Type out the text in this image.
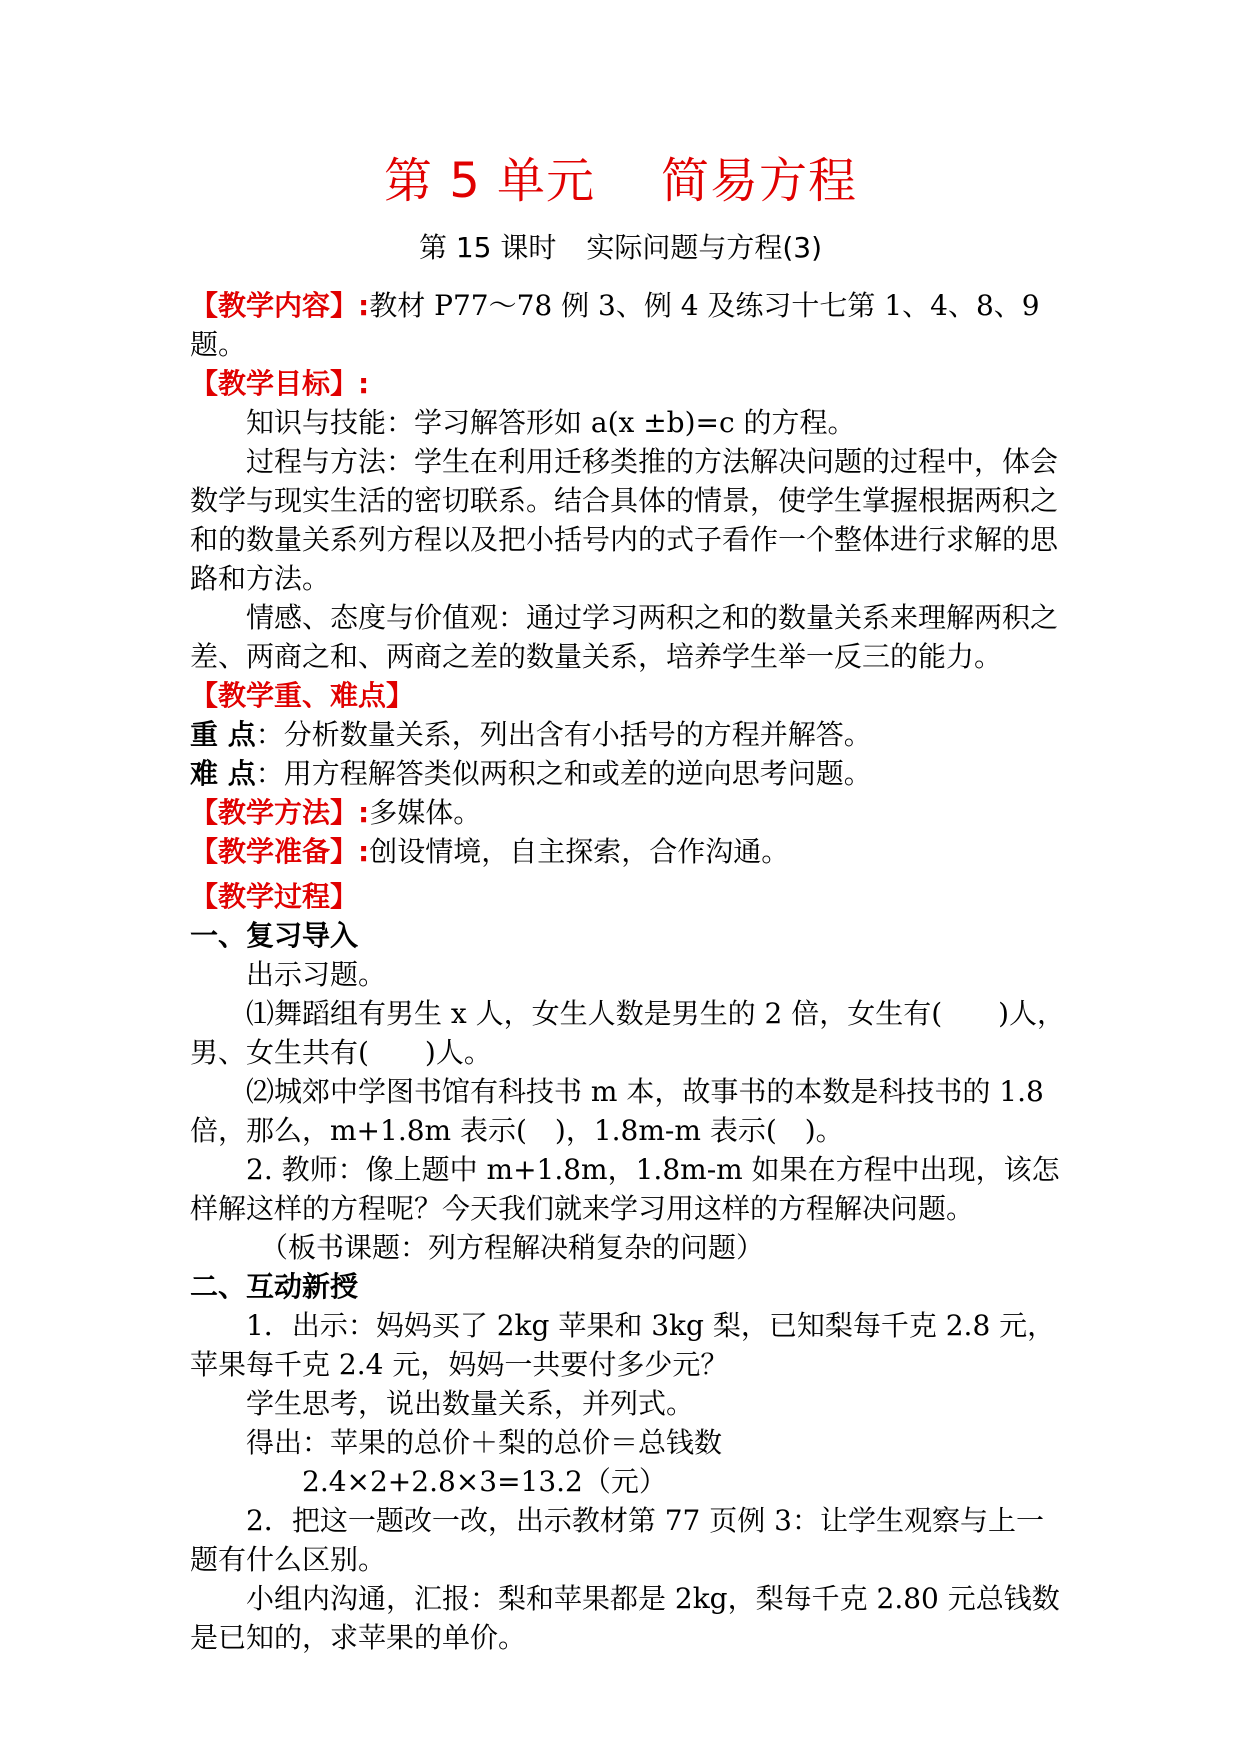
第 5 单元 简易方程
第 15 课时 实际问题与方程(3)

【教学内容】:教材 P77～78 例 3、例 4 及练习十七第 1、4、8、9 题。

【教学目标】:

知识与技能：学习解答形如 a(x ±b)=c 的方程。

过程与方法：学生在利用迁移类推的方法解决问题的过程中，体会数学与现实生活的密切联系。结合具体的情景，使学生掌握根据两积之和的数量关系列方程以及把小括号内的式子看作一个整体进行求解的思路和方法。

情感、态度与价值观：通过学习两积之和的数量关系来理解两积之差、两商之和、两商之差的数量关系，培养学生举一反三的能力。

【教学重、难点】

重 点：分析数量关系，列出含有小括号的方程并解答。

难 点：用方程解答类似两积之和或差的逆向思考问题。

【教学方法】:多媒体。

【教学准备】:创设情境，自主探索，合作沟通。

【教学过程】

一、复习导入

出示习题。

⑴舞蹈组有男生 x 人，女生人数是男生的 2 倍，女生有(　　)人，男、女生共有(　　)人。

⑵城郊中学图书馆有科技书 m 本，故事书的本数是科技书的 1.8 倍，那么，m+1.8m 表示(　)，1.8m-m 表示(　)。

2. 教师：像上题中 m+1.8m，1.8m-m 如果在方程中出现，该怎样解这样的方程呢？今天我们就来学习用这样的方程解决问题。

（板书课题：列方程解决稍复杂的问题）

二、互动新授

1．出示：妈妈买了 2kg 苹果和 3kg 梨，已知梨每千克 2.8 元，苹果每千克 2.4 元，妈妈一共要付多少元？

学生思考，说出数量关系，并列式。

得出：苹果的总价＋梨的总价＝总钱数

2.4×2+2.8×3=13.2（元）

2．把这一题改一改，出示教材第 77 页例 3：让学生观察与上一题有什么区别。

小组内沟通，汇报：梨和苹果都是 2kg，梨每千克 2.80 元总钱数是已知的，求苹果的单价。
